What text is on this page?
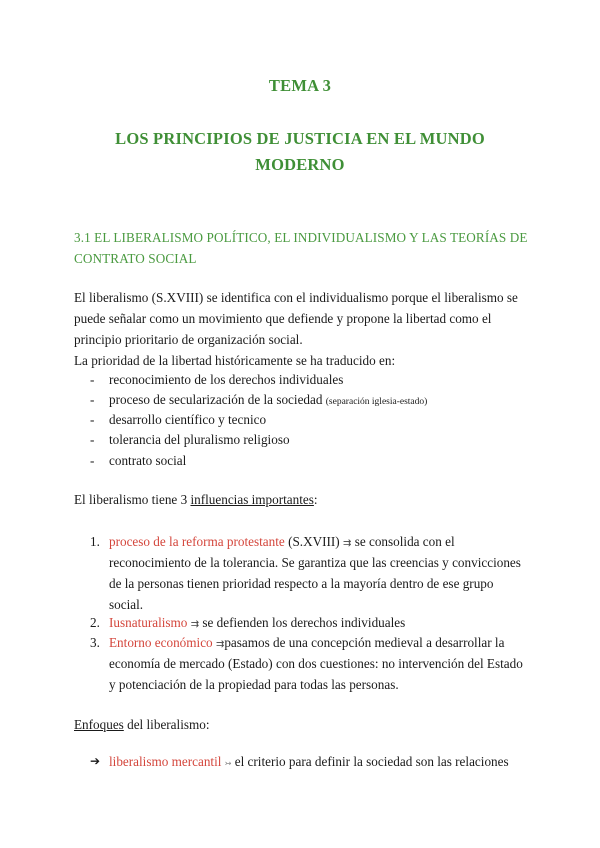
TEMA 3
LOS PRINCIPIOS DE JUSTICIA EN EL MUNDO
MODERNO
3.1 EL LIBERALISMO POLÍTICO, EL INDIVIDUALISMO Y LAS TEORÍAS DE
CONTRATO SOCIAL
El liberalismo (S.XVIII) se identifica con el individualismo porque el liberalismo se
puede señalar como un movimiento que defiende y propone la libertad como el
principio prioritario de organización social.
La prioridad de la libertad históricamente se ha traducido en:
- reconocimiento de los derechos individuales
- proceso de secularización de la sociedad (separación iglesia-estado)
- desarrollo científico y tecnico
- tolerancia del pluralismo religioso
- contrato social
El liberalismo tiene 3 influencias importantes:
1. proceso de la reforma protestante (S.XVIII) ⇉ se consolida con el
reconocimiento de la tolerancia. Se garantiza que las creencias y convicciones
de la personas tienen prioridad respecto a la mayoría dentro de ese grupo
social.
2. Iusnaturalismo ⇉ se defienden los derechos individuales
3. Entorno económico ⇉pasamos de una concepción medieval a desarrollar la
economía de mercado (Estado) con dos cuestiones: no intervención del Estado
y potenciación de la propiedad para todas las personas.
Enfoques del liberalismo:
➔ liberalismo mercantil ↣ el criterio para definir la sociedad son las relaciones
